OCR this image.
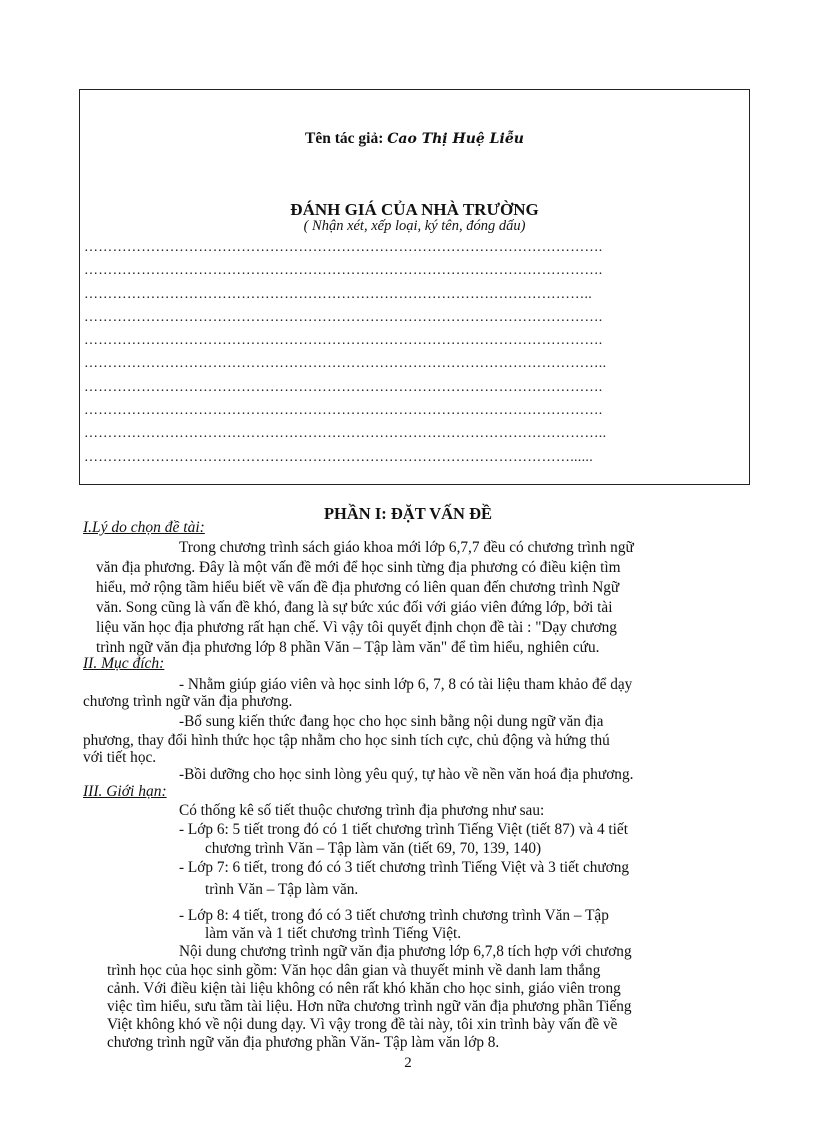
Tên tác giả: Cao Thị Huệ Liễu
ĐÁNH GIÁ CỦA NHÀ TRƯỜNG
( Nhận xét, xếp loại, ký tên, đóng dấu)
……………………………………………………………………………………………….
……………………………………………………………………………………………….
……………………………………………………………………………………………..
……………………………………………………………………………………………….
……………………………………………………………………………………………….
………………………………………………………………………………………………..
……………………………………………………………………………………………….
……………………………………………………………………………………………….
………………………………………………………………………………………………..
…………………………………………………………………………………………......
PHẦN I: ĐẶT VẤN ĐỀ
I.Lý do chọn đề tài:
Trong chương trình sách giáo khoa mới lớp 6,7,7 đều có chương trình ngữ
văn địa phương. Đây là một vấn đề mới để học sinh từng địa phương có điều kiện tìm
hiểu, mở rộng tầm hiểu biết về vấn đề địa phương có liên quan đến chương trình Ngữ
văn. Song cũng là vấn đề khó, đang là sự bức xúc đối với giáo viên đứng lớp, bởi tài
liệu văn học địa phương rất hạn chế. Vì vậy tôi quyết định chọn đề tài : "Dạy chương
trình ngữ văn địa phương lớp 8 phần Văn – Tập làm văn" để tìm hiểu, nghiên cứu.
II. Mục đích:
- Nhằm giúp giáo viên và học sinh lớp 6, 7, 8 có tài liệu tham khảo để dạy
chương trình ngữ văn địa phương.
-Bổ sung kiến thức đang học cho học sinh bằng nội dung ngữ văn địa
phương, thay đổi hình thức học tập nhằm cho học sinh tích cực, chủ động và hứng thú
với tiết học.
-Bồi dưỡng cho học sinh lòng yêu quý, tự hào về nền văn hoá địa phương.
III. Giới hạn:
Có thống kê số tiết thuộc chương trình địa phương như sau:
- Lớp 6: 5 tiết trong đó có 1 tiết chương trình Tiếng Việt (tiết 87) và 4 tiết
chương trình Văn – Tập làm văn (tiết 69, 70, 139, 140)
- Lớp 7: 6 tiết, trong đó có 3 tiết chương trình Tiếng Việt và 3 tiết chương
trình Văn – Tập làm văn.
- Lớp 8: 4 tiết, trong đó có 3 tiết chương trình chương trình Văn – Tập
làm văn và 1 tiết chương trình Tiếng Việt.
Nội dung chương trình ngữ văn địa phương lớp 6,7,8 tích hợp với chương
trình học của học sinh gồm: Văn học dân gian và thuyết minh về danh lam thắng
cảnh. Với điều kiện tài liệu không có nên rất khó khăn cho học sinh, giáo viên trong
việc tìm hiểu, sưu tầm tài liệu. Hơn nữa chương trình ngữ văn địa phương phần Tiếng
Việt không khó về nội dung dạy. Vì vậy trong đề tài này, tôi xin trình bày vấn đề về
chương trình ngữ văn địa phương phần Văn- Tập làm văn lớp 8.
2
